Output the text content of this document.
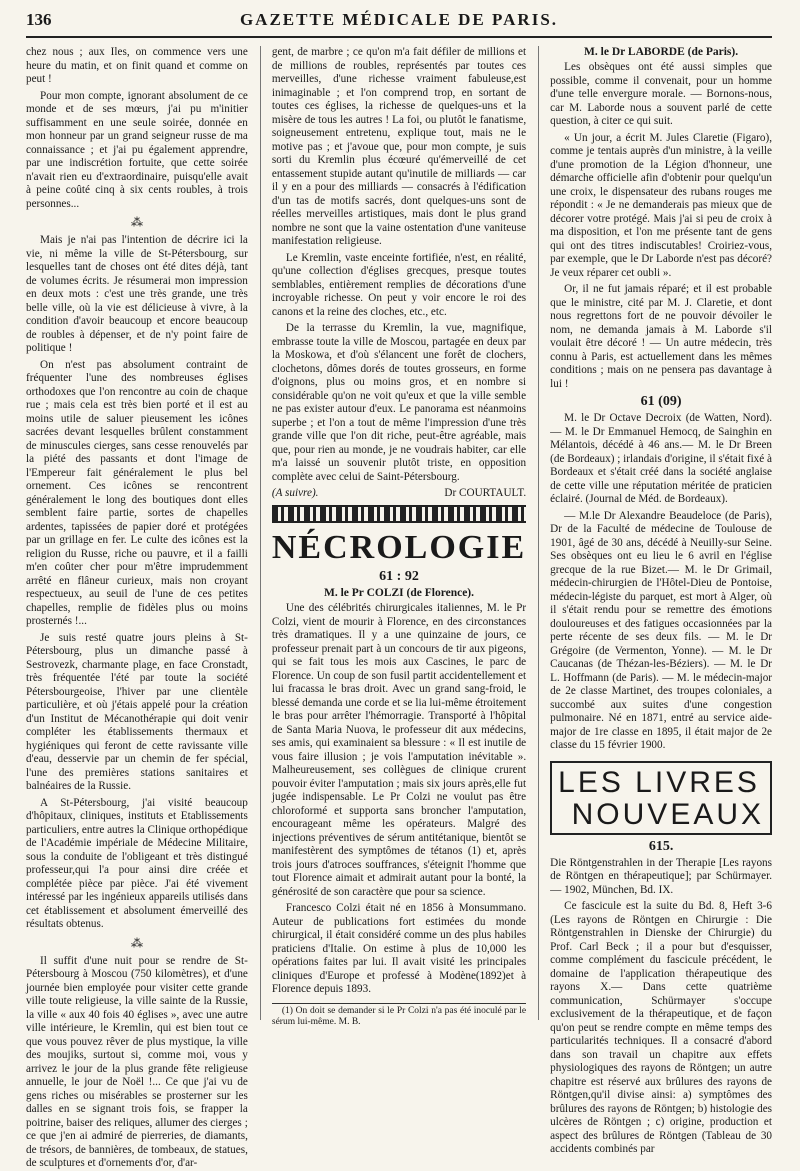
136	GAZETTE MÉDICALE DE PARIS.

chez nous ; aux Iles, on commence vers une heure du matin, et on finit quand et comme on peut !

Pour mon compte, ignorant absolument de ce monde et de ses mœurs, j'ai pu m'initier suffisamment en une seule soirée, donnée en mon honneur par un grand seigneur russe de ma connaissance ; et j'ai pu également apprendre, par une indiscrétion fortuite, que cette soirée n'avait rien eu d'extraordinaire, puisqu'elle avait à peine coûté cinq à six cents roubles, à trois personnes...

⁂

Mais je n'ai pas l'intention de décrire ici la vie, ni même la ville de St-Pétersbourg, sur lesquelles tant de choses ont été dites déjà, tant de volumes écrits. Je résumerai mon impression en deux mots : c'est une très grande, une très belle ville, où la vie est délicieuse à vivre, à la condition d'avoir beaucoup et encore beaucoup de roubles à dépenser, et de n'y point faire de politique !

On n'est pas absolument contraint de fréquenter l'une des nombreuses églises orthodoxes que l'on rencontre au coin de chaque rue ; mais cela est très bien porté et il est au moins utile de saluer pieusement les icônes sacrées devant lesquelles brûlent constamment de minuscules cierges, sans cesse renouvelés par la piété des passants et dont l'image de l'Empereur fait généralement le plus bel ornement. Ces icônes se rencontrent généralement le long des boutiques dont elles semblent faire partie, sortes de chapelles ardentes, tapissées de papier doré et protégées par un grillage en fer. Le culte des icônes est la religion du Russe, riche ou pauvre, et il a failli m'en coûter cher pour m'être imprudemment arrêté en flâneur curieux, mais non croyant respectueux, au seuil de l'une de ces petites chapelles, remplie de fidèles plus ou moins prosternés !...

Je suis resté quatre jours pleins à St-Pétersbourg, plus un dimanche passé à Sestrovezk, charmante plage, en face Cronstadt, très fréquentée l'été par toute la société Pétersbourgeoise, l'hiver par une clientèle particulière, et où j'étais appelé pour la création d'un Institut de Mécanothérapie qui doit venir compléter les établissements thermaux et hygiéniques qui feront de cette ravissante ville d'eau, desservie par un chemin de fer spécial, l'une des premières stations sanitaires et balnéaires de la Russie.

A St-Pétersbourg, j'ai visité beaucoup d'hôpitaux, cliniques, instituts et Etablissements particuliers, entre autres la Clinique orthopédique de l'Académie impériale de Médecine Militaire, sous la conduite de l'obligeant et très distingué professeur,qui l'a pour ainsi dire créée et complétée pièce par pièce. J'ai été vivement intéressé par les ingénieux appareils utilisés dans cet établissement et absolument émerveillé des résultats obtenus.

⁂

Il suffit d'une nuit pour se rendre de St-Pétersbourg à Moscou (750 kilomètres), et d'une journée bien employée pour visiter cette grande ville toute religieuse, la ville sainte de la Russie, la ville « aux 40 fois 40 églises », avec une autre ville intérieure, le Kremlin, qui est bien tout ce que vous pouvez rêver de plus mystique, la ville des moujiks, surtout si, comme moi, vous y arrivez le jour de la plus grande fête religieuse annuelle, le jour de Noël !... Ce que j'ai vu de gens riches ou misérables se prosterner sur les dalles en se signant trois fois, se frapper la poitrine, baiser des reliques, allumer des cierges ; ce que j'en ai admiré de pierreries, de diamants, de trésors, de bannières, de tombeaux, de statues, de sculptures et d'ornements d'or, d'ar-

gent, de marbre ; ce qu'on m'a fait défiler de millions et de millions de roubles, représentés par toutes ces merveilles, d'une richesse vraiment fabuleuse,est inimaginable ; et l'on comprend trop, en sortant de toutes ces églises, la richesse de quelques-uns et la misère de tous les autres ! La foi, ou plutôt le fanatisme, soigneusement entretenu, explique tout, mais ne le motive pas ; et j'avoue que, pour mon compte, je suis sorti du Kremlin plus écœuré qu'émerveillé de cet entassement stupide autant qu'inutile de milliards — car il y en a pour des milliards — consacrés à l'édification d'un tas de motifs sacrés, dont quelques-uns sont de réelles merveilles artistiques, mais dont le plus grand nombre ne sont que la vaine ostentation d'une vaniteuse manifestation religieuse.

Le Kremlin, vaste enceinte fortifiée, n'est, en réalité, qu'une collection d'églises grecques, presque toutes semblables, entièrement remplies de décorations d'une incroyable richesse. On peut y voir encore le roi des canons et la reine des cloches, etc., etc.

De la terrasse du Kremlin, la vue, magnifique, embrasse toute la ville de Moscou, partagée en deux par la Moskowa, et d'où s'élancent une forêt de clochers, clochetons, dômes dorés de toutes grosseurs, en forme d'oignons, plus ou moins gros, et en nombre si considérable qu'on ne voit qu'eux et que la ville semble ne pas exister autour d'eux. Le panorama est néanmoins superbe ; et l'on a tout de même l'impression d'une très grande ville que l'on dit riche, peut-être agréable, mais que, pour rien au monde, je ne voudrais habiter, car elle m'a laissé un souvenir plutôt triste, en opposition complète avec celui de Saint-Pétersbourg.

(A suivre).	Dr COURTAULT.
NÉCROLOGIE
61 : 92
M. le Pr COLZI (de Florence).

Une des célébrités chirurgicales italiennes, M. le Pr Colzi, vient de mourir à Florence, en des circonstances très dramatiques. Il y a une quinzaine de jours, ce professeur prenait part à un concours de tir aux pigeons, qui se fait tous les mois aux Cascines, le parc de Florence. Un coup de son fusil partit accidentellement et lui fracassa le bras droit. Avec un grand sang-froid, le blessé demanda une corde et se lia lui-même étroitement le bras pour arrêter l'hémorragie. Transporté à l'hôpital de Santa Maria Nuova, le professeur dit aux médecins, ses amis, qui examinaient sa blessure : « Il est inutile de vous faire illusion ; je vois l'amputation inévitable ». Malheureusement, ses collègues de clinique crurent pouvoir éviter l'amputation ; mais six jours après,elle fut jugée indispensable. Le Pr Colzi ne voulut pas être chloroformé et supporta sans broncher l'amputation, encourageant même les opérateurs. Malgré des injections préventives de sérum antitétanique, bientôt se manifestèrent des symptômes de tétanos (1) et, après trois jours d'atroces souffrances, s'éteignit l'homme que tout Florence aimait et admirait autant pour la bonté, la générosité de son caractère que pour sa science.

Francesco Colzi était né en 1856 à Monsummano. Auteur de publications fort estimées du monde chirurgical, il était considéré comme un des plus habiles praticiens d'Italie. On estime à plus de 10,000 les opérations faites par lui. Il avait visité les principales cliniques d'Europe et professé à Modène(1892)et à Florence depuis 1893.

(1) On doit se demander si le Pr Colzi n'a pas été inoculé par le sérum lui-même. M. B.

M. le Dr LABORDE (de Paris).

Les obsèques ont été aussi simples que possible, comme il convenait, pour un homme d'une telle envergure morale. — Bornons-nous, car M. Laborde nous a souvent parlé de cette question, à citer ce qui suit.

« Un jour, a écrit M. Jules Claretie (Figaro), comme je tentais auprès d'un ministre, à la veille d'une promotion de la Légion d'honneur, une démarche officielle afin d'obtenir pour quelqu'un une croix, le dispensateur des rubans rouges me répondit : « Je ne demanderais pas mieux que de décorer votre protégé. Mais j'ai si peu de croix à ma disposition, et l'on me présente tant de gens qui ont des titres indiscutables! Croiriez-vous, par exemple, que le Dr Laborde n'est pas décoré? Je veux réparer cet oubli ».

Or, il ne fut jamais réparé; et il est probable que le ministre, cité par M. J. Claretie, et dont nous regrettons fort de ne pouvoir dévoiler le nom, ne demanda jamais à M. Laborde s'il voulait être décoré ! — Un autre médecin, très connu à Paris, est actuellement dans les mêmes conditions ; mais on ne pensera pas davantage à lui !

61 (09)

M. le Dr Octave Decroix (de Watten, Nord). — M. le Dr Emmanuel Hemocq, de Sainghin en Mélantois, décédé à 46 ans.— M. le Dr Breen (de Bordeaux) ; irlandais d'origine, il s'était fixé à Bordeaux et s'était créé dans la société anglaise de cette ville une réputation méritée de praticien éclairé. (Journal de Méd. de Bordeaux).

— M.le Dr Alexandre Beaudeloce (de Paris), Dr de la Faculté de médecine de Toulouse de 1901, âgé de 30 ans, décédé à Neuilly-sur Seine. Ses obsèques ont eu lieu le 6 avril en l'église grecque de la rue Bizet.— M. le Dr Grimail, médecin-chirurgien de l'Hôtel-Dieu de Pontoise, médecin-légiste du parquet, est mort à Alger, où il s'était rendu pour se remettre des émotions douloureuses et des fatigues occasionnées par la perte récente de ses deux fils. — M. le Dr Grégoire (de Vermenton, Yonne). — M. le Dr Caucanas (de Thézan-les-Béziers). — M. le Dr L. Hoffmann (de Paris). — M. le médecin-major de 2e classe Martinet, des troupes coloniales, a succombé aux suites d'une congestion pulmonaire. Né en 1871, entré au service aide-major de 1re classe en 1895, il était major de 2e classe du 15 février 1900.

LES LIVRES
NOUVEAUX
615.
Die Röntgenstrahlen in der Therapie [Les rayons de Röntgen en thérapeutique]; par Schürmayer. — 1902, München, Bd. IX.

Ce fascicule est la suite du Bd. 8, Heft 3-6 (Les rayons de Röntgen en Chirurgie : Die Röntgenstrahlen in Dienske der Chirurgie) du Prof. Carl Beck ; il a pour but d'esquisser, comme complément du fascicule précédent, le domaine de l'application thérapeutique des rayons X.— Dans cette quatrième communication, Schürmayer s'occupe exclusivement de la thérapeutique, et de façon qu'on peut se rendre compte en même temps des particularités techniques. Il a consacré d'abord dans son travail un chapitre aux effets physiologiques des rayons de Röntgen; un autre chapitre est réservé aux brûlures des rayons de Röntgen,qu'il divise ainsi: a) symptômes des brûlures des rayons de Röntgen; b) histologie des ulcères de Röntgen ; c) origine, production et aspect des brûlures de Röntgen (Tableau de 30 accidents combinés par
